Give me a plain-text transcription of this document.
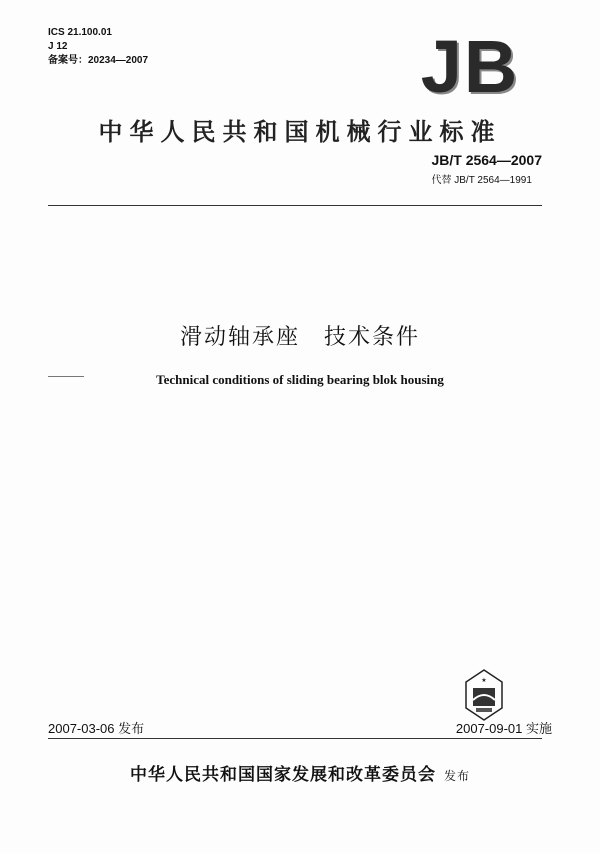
ICS 21.100.01
J 12
备案号：20234—2007	JB
中华人民共和国机械行业标准
JB/T 2564—2007
代替 JB/T 2564—1991
滑动轴承座　技术条件
Technical conditions of sliding bearing blok housing
★
2007-03-06 发布	2007-09-01 实施
中华人民共和国国家发展和改革委员会 发布
